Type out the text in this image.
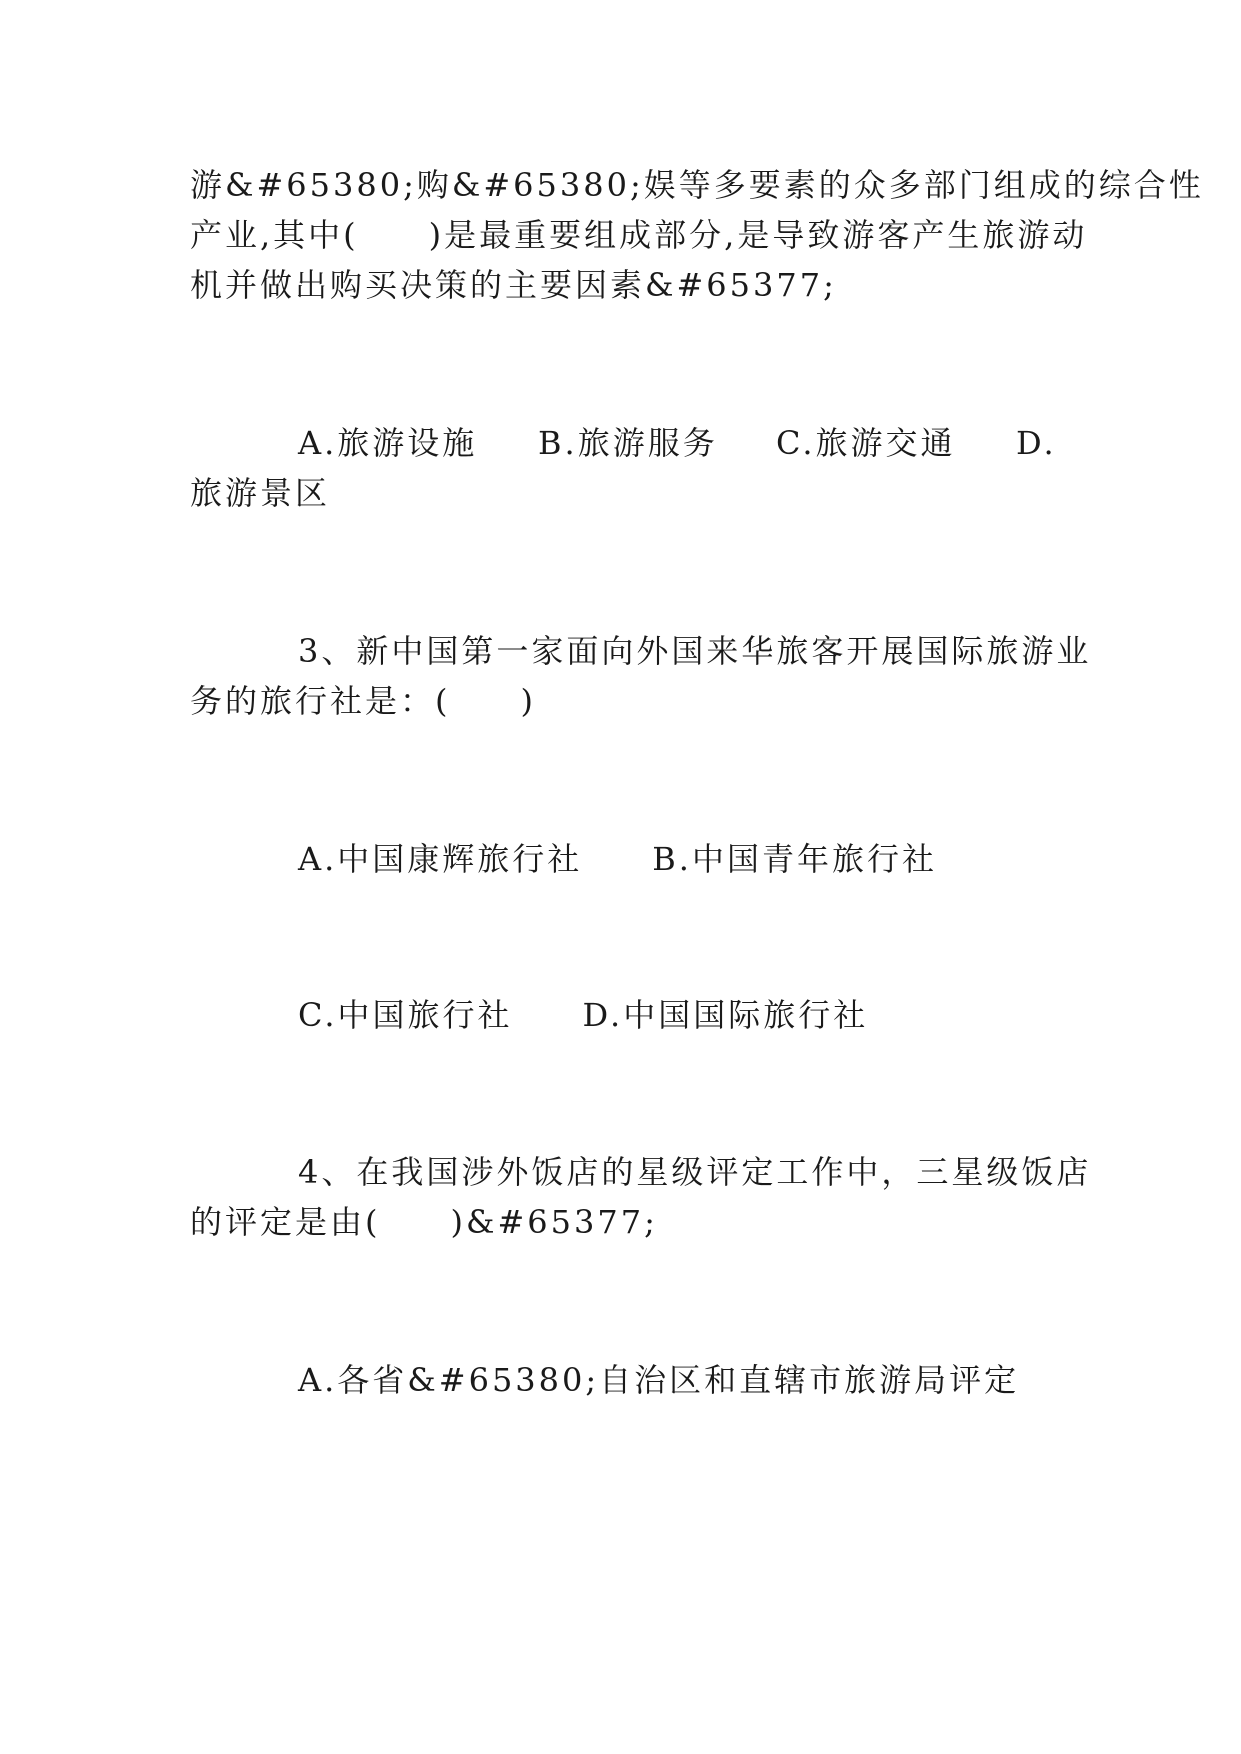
游&#65380;购&#65380;娱等多要素的众多部门组成的综合性

产业,其中(　　)是最重要组成部分,是导致游客产生旅游动

机并做出购买决策的主要因素&#65377;

A.旅游设施 B.旅游服务 C.旅游交通 D.

旅游景区

3、新中国第一家面向外国来华旅客开展国际旅游业

务的旅行社是：(　　)

A.中国康辉旅行社　　B.中国青年旅行社

C.中国旅行社　　D.中国国际旅行社

4、在我国涉外饭店的星级评定工作中，三星级饭店

的评定是由(　　)&#65377;

A.各省&#65380;自治区和直辖市旅游局评定
